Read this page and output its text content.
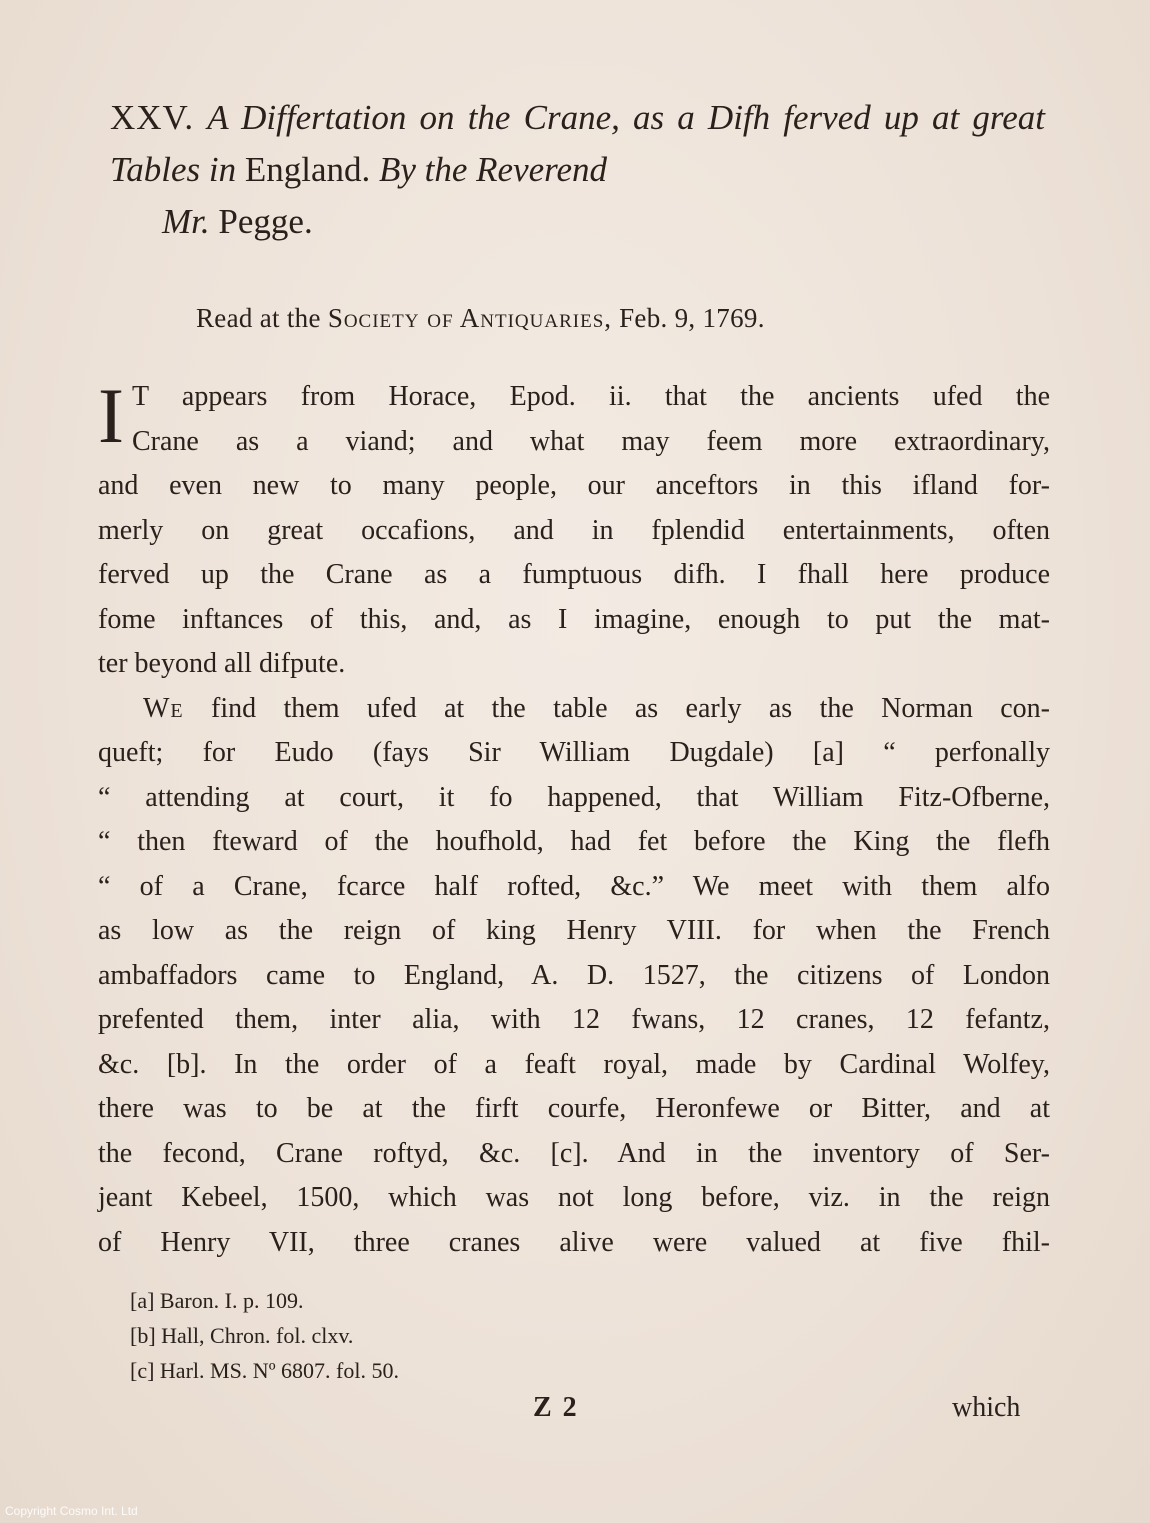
XXV. A Differtation on the Crane, as a Difh ferved up at great Tables in England. By the Reverend
Mr. Pegge.
Read at the Society of Antiquaries, Feb. 9, 1769.
I T appears from Horace, Epod. ii. that the ancients ufed the
Crane as a viand; and what may feem more extraordinary,
and even new to many people, our anceftors in this ifland for-
merly on great occafions, and in fplendid entertainments, often
ferved up the Crane as a fumptuous difh. I fhall here produce
fome inftances of this, and, as I imagine, enough to put the mat-
ter beyond all difpute.
We find them ufed at the table as early as the Norman con-
queft; for Eudo (fays Sir William Dugdale) [a] “ perfonally
“ attending at court, it fo happened, that William Fitz-Ofberne,
“ then fteward of the houfhold, had fet before the King the flefh
“ of a Crane, fcarce half rofted, &c.” We meet with them alfo
as low as the reign of king Henry VIII. for when the French
ambaffadors came to England, A. D. 1527, the citizens of London
prefented them, inter alia, with 12 fwans, 12 cranes, 12 fefantz,
&c. [b]. In the order of a feaft royal, made by Cardinal Wolfey,
there was to be at the firft courfe, Heronfewe or Bitter, and at
the fecond, Crane roftyd, &c. [c]. And in the inventory of Ser-
jeant Kebeel, 1500, which was not long before, viz. in the reign
of Henry VII, three cranes alive were valued at five fhil-
[a] Baron. I. p. 109.
[b] Hall, Chron. fol. clxv.
[c] Harl. MS. Nº 6807. fol. 50.
Z 2	which
Copyright Cosmo Int. Ltd
